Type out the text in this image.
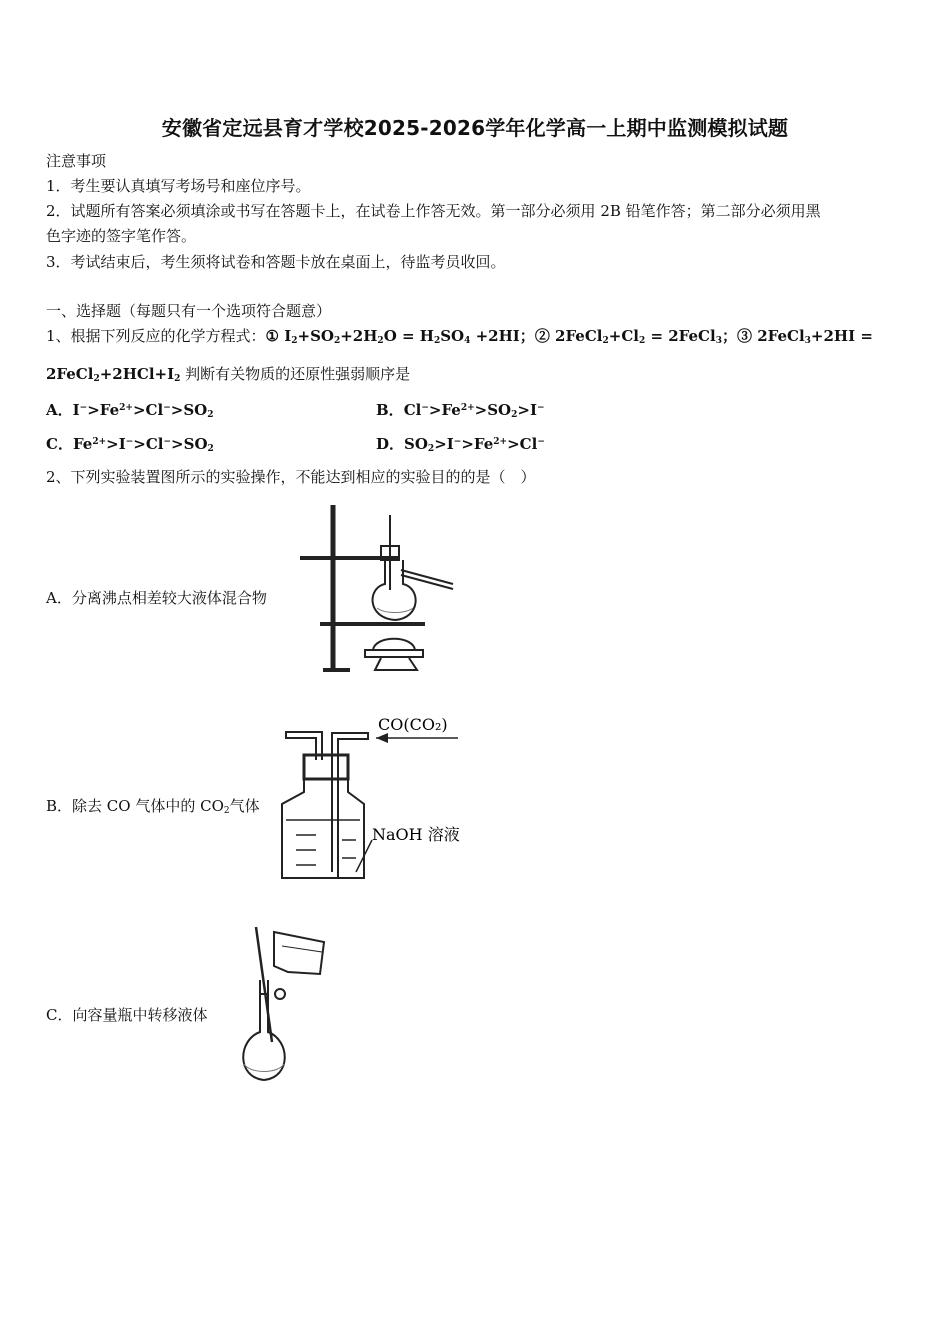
安徽省定远县育才学校2025-2026学年化学高一上期中监测模拟试题
注意事项
1．考生要认真填写考场号和座位序号。
2．试题所有答案必须填涂或书写在答题卡上，在试卷上作答无效。第一部分必须用 2B 铅笔作答；第二部分必须用黑
色字迹的签字笔作答。
3．考试结束后，考生须将试卷和答题卡放在桌面上，待监考员收回。
一、选择题（每题只有一个选项符合题意）
1、根据下列反应的化学方程式：① $I_2+SO_2+2H_2O = H_2SO_4 +2HI$；② $2FeCl_2+Cl_2$ = 2FeCl$_3$；③ 2FeCl$_3$+2HI =
$2FeCl_2+2HCl+I_2$ 判断有关物质的还原性强弱顺序是
A．$I^->Fe^{2+}>Cl^->SO_2$	B．$Cl^->Fe^{2+}>SO_2>I^-$
C．$Fe^{2+}>I^->Cl^->SO_2$	D．$SO_2>I^->Fe^{2+}>Cl^-$
2、下列实验装置图所示的实验操作，不能达到相应的实验目的的是（　）
A．分离沸点相差较大液体混合物
B．除去 CO 气体中的 $CO_2$气体
CO(CO₂)
NaOH 溶液
C．向容量瓶中转移液体
